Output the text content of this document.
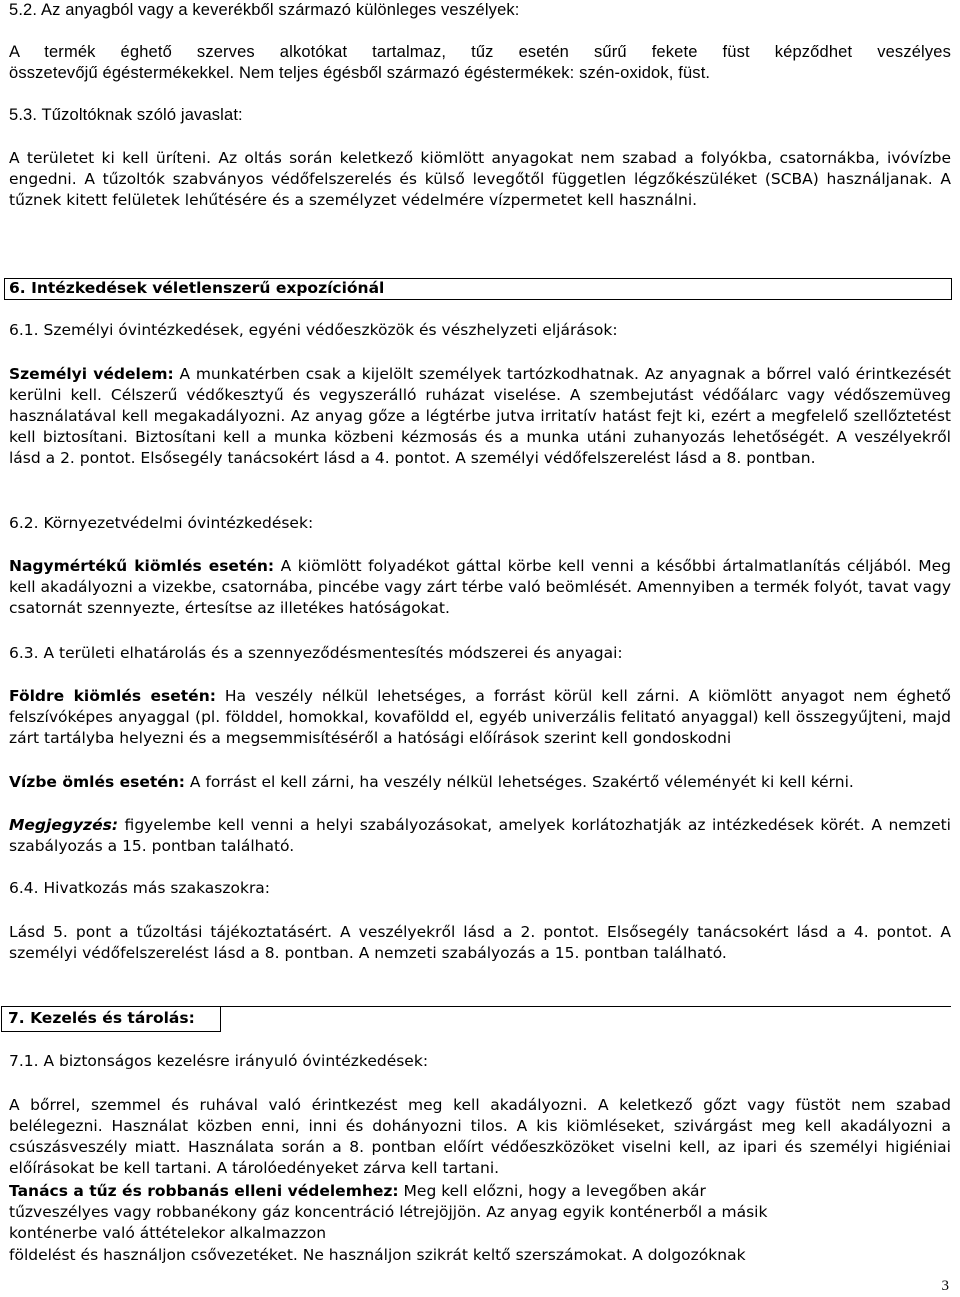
5.2. Az anyagból vagy a keverékből származó különleges veszélyek:

A termék éghető szerves alkotókat tartalmaz, tűz esetén sűrű fekete füst képződhet veszélyes

összetevőjű égéstermékekkel. Nem teljes égésből származó égéstermékek: szén-oxidok, füst.

5.3. Tűzoltóknak szóló javaslat:

A területet ki kell üríteni. Az oltás során keletkező kiömlött anyagokat nem szabad a folyókba, csatornákba, ivóvízbe engedni. A tűzoltók szabványos védőfelszerelés és külső levegőtől független légzőkészüléket (SCBA) használjanak. A tűznek kitett felületek lehűtésére és a személyzet védelmére vízpermetet kell használni.

6. Intézkedések véletlenszerű expozíciónál

6.1. Személyi óvintézkedések, egyéni védőeszközök és vészhelyzeti eljárások:

Személyi védelem: A munkatérben csak a kijelölt személyek tartózkodhatnak. Az anyagnak a bőrrel való érintkezését kerülni kell. Célszerű védőkesztyű és vegyszerálló ruházat viselése. A szembejutást védőálarc vagy védőszemüveg használatával kell megakadályozni. Az anyag gőze a légtérbe jutva irritatív hatást fejt ki, ezért a megfelelő szellőztetést kell biztosítani. Biztosítani kell a munka közbeni kézmosás és a munka utáni zuhanyozás lehetőségét. A veszélyekről lásd a 2. pontot. Elsősegély tanácsokért lásd a 4. pontot. A személyi védőfelszerelést lásd a 8. pontban.

6.2. Környezetvédelmi óvintézkedések:

Nagymértékű kiömlés esetén: A kiömlött folyadékot gáttal körbe kell venni a későbbi ártalmatlanítás céljából. Meg kell akadályozni a vizekbe, csatornába, pincébe vagy zárt térbe való beömlését. Amennyiben a termék folyót, tavat vagy csatornát szennyezte, értesítse az illetékes hatóságokat.

6.3. A területi elhatárolás és a szennyeződésmentesítés módszerei és anyagai:

Földre kiömlés esetén: Ha veszély nélkül lehetséges, a forrást körül kell zárni. A kiömlött anyagot nem éghető felszívóképes anyaggal (pl. földdel, homokkal, kovaföldd el, egyéb univerzális felitató anyaggal) kell összegyűjteni, majd zárt tartályba helyezni és a megsemmisítéséről a hatósági előírások szerint kell gondoskodni

Vízbe ömlés esetén: A forrást el kell zárni, ha veszély nélkül lehetséges. Szakértő véleményét ki kell kérni.

Megjegyzés: figyelembe kell venni a helyi szabályozásokat, amelyek korlátozhatják az intézkedések körét. A nemzeti szabályozás a 15. pontban található.

6.4. Hivatkozás más szakaszokra:

Lásd 5. pont a tűzoltási tájékoztatásért. A veszélyekről lásd a 2. pontot. Elsősegély tanácsokért lásd a 4. pontot. A személyi védőfelszerelést lásd a 8. pontban. A nemzeti szabályozás a 15. pontban található.

7. Kezelés és tárolás:

7.1. A biztonságos kezelésre irányuló óvintézkedések:

A bőrrel, szemmel és ruhával való érintkezést meg kell akadályozni. A keletkező gőzt vagy füstöt nem szabad belélegezni. Használat közben enni, inni és dohányozni tilos. A kis kiömléseket, szivárgást meg kell akadályozni a csúszásveszély miatt. Használata során a 8. pontban előírt védőeszközöket viselni kell, az ipari és személyi higiéniai előírásokat be kell tartani. A tárolóedényeket zárva kell tartani.

Tanács a tűz és robbanás elleni védelemhez: Meg kell előzni, hogy a levegőben akár

tűzveszélyes vagy robbanékony gáz koncentráció létrejöjjön. Az anyag egyik konténerből a másik

konténerbe való áttételekor alkalmazzon

földelést és használjon csővezetéket. Ne használjon szikrát keltő szerszámokat. A dolgozóknak

3
